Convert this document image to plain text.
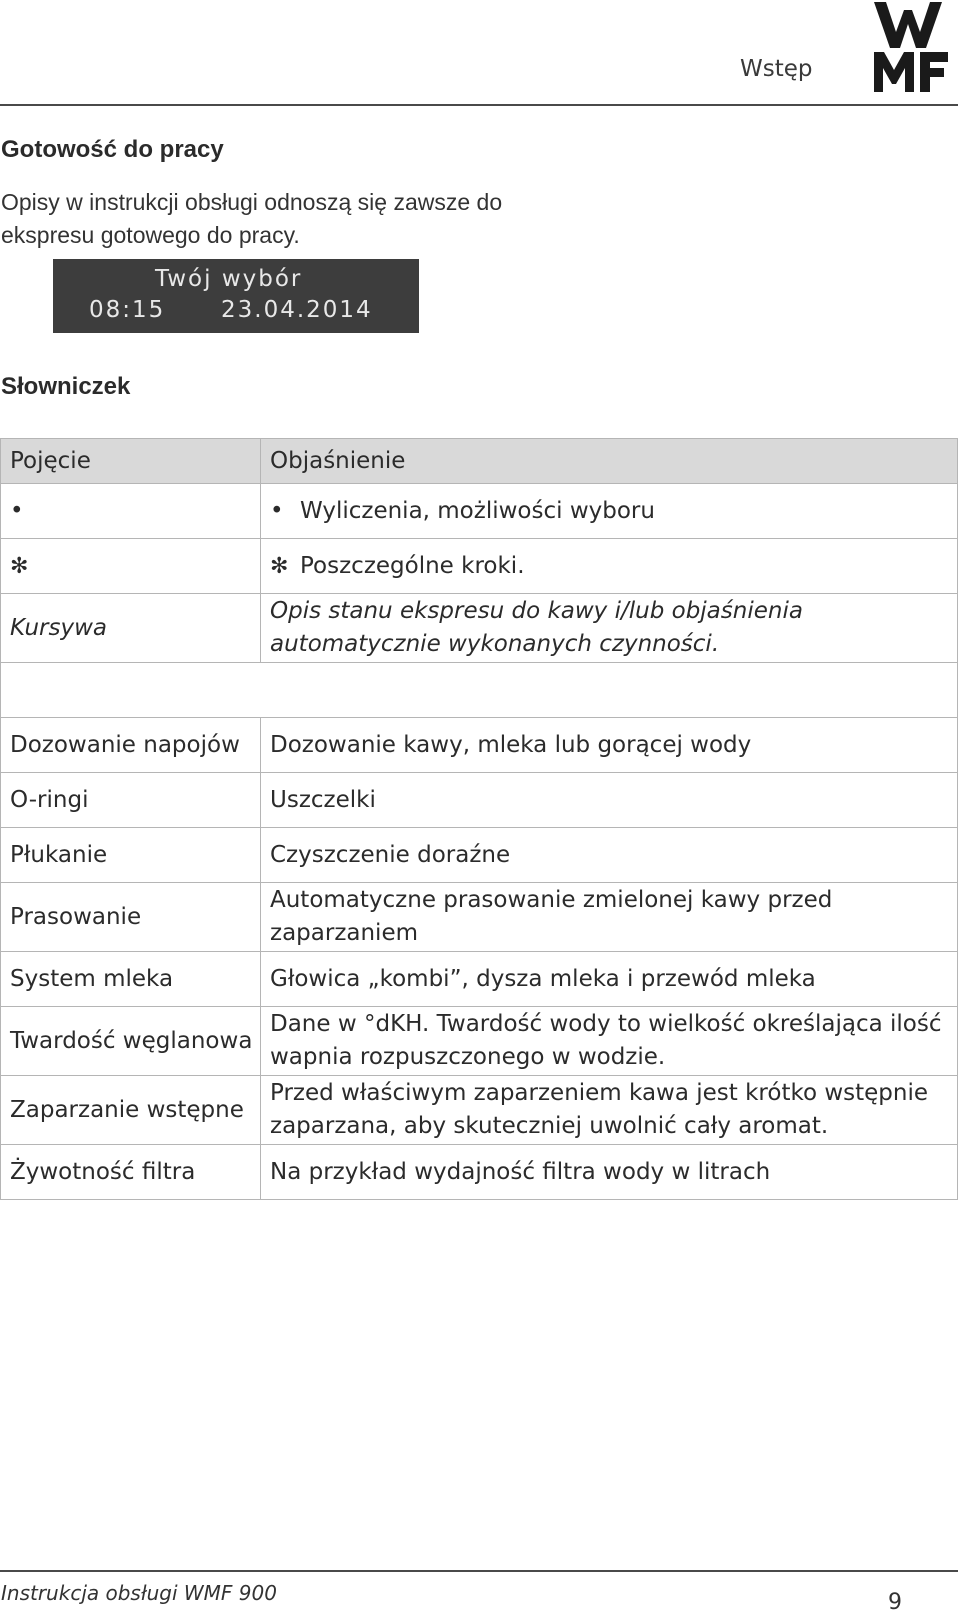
Wstęp
Gotowość do pracy
Opisy w instrukcji obsługi odnoszą się zawsze do
ekspresu gotowego do pracy.
Twój wybór
08:15 23.04.2014
Słowniczek
Pojęcie	Objaśnienie
•	• Wyliczenia, możliwości wyboru
✻	✻ Poszczególne kroki.
Kursywa	Opis stanu ekspresu do kawy i/lub objaśnienia
automatycznie wykonanych czynności.

Dozowanie napojów	Dozowanie kawy, mleka lub gorącej wody
O-ringi	Uszczelki
Płukanie	Czyszczenie doraźne
Prasowanie	Automatyczne prasowanie zmielonej kawy przed
zaparzaniem

System mleka	Głowica „kombi”, dysza mleka i przewód mleka
Twardość węglanowa	Dane w °dKH. Twardość wody to wielkość określająca ilość
wapnia rozpuszczonego w wodzie.

Zaparzanie wstępne	Przed właściwym zaparzeniem kawa jest krótko wstępnie
zaparzana, aby skuteczniej uwolnić cały aromat.

Żywotność filtra	Na przykład wydajność filtra wody w litrach
Instrukcja obsługi WMF 900	9
